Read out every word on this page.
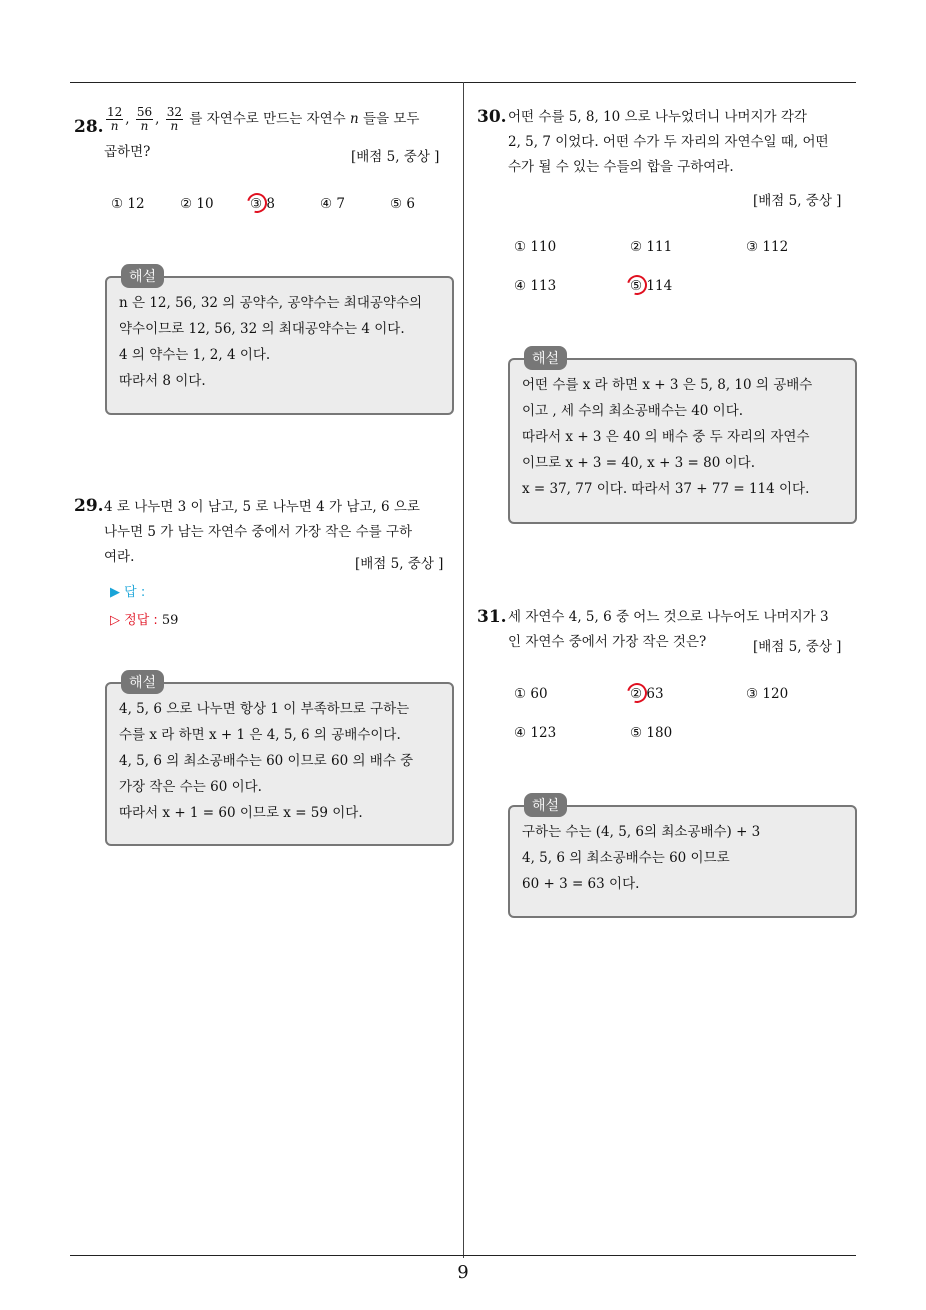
9
28. $\frac{12}{n}$ , $\frac{56}{n}$ , $\frac{32}{n}$ 를 자연수로 만드는 자연수 n 들을 모두
곱하면?	[배점 5, 중상 ]
① 12	② 10	③ 8	④ 7	⑤ 6
해설
n 은 12, 56, 32 의 공약수, 공약수는 최대공약수의
약수이므로 12, 56, 32 의 최대공약수는 4 이다.
4 의 약수는 1, 2, 4 이다.
따라서 8 이다.
29. 4 로 나누면 3 이 남고, 5 로 나누면 4 가 남고, 6 으로
나누면 5 가 남는 자연수 중에서 가장 작은 수를 구하
여라.	[배점 5, 중상 ]
▶ 답 :
▷ 정답 : 59
해설
4, 5, 6 으로 나누면 항상 1 이 부족하므로 구하는
수를 x 라 하면 x + 1 은 4, 5, 6 의 공배수이다.
4, 5, 6 의 최소공배수는 60 이므로 60 의 배수 중
가장 작은 수는 60 이다.
따라서 x + 1 = 60 이므로 x = 59 이다.
30. 어떤 수를 5, 8, 10 으로 나누었더니 나머지가 각각
2, 5, 7 이었다. 어떤 수가 두 자리의 자연수일 때, 어떤
수가 될 수 있는 수들의 합을 구하여라.
[배점 5, 중상 ]
① 110	② 111	③ 112
④ 113	⑤ 114
해설
어떤 수를 x 라 하면 x + 3 은 5, 8, 10 의 공배수
이고 , 세 수의 최소공배수는 40 이다.
따라서 x + 3 은 40 의 배수 중 두 자리의 자연수
이므로 x + 3 = 40, x + 3 = 80 이다.
x = 37, 77 이다. 따라서 37 + 77 = 114 이다.
31. 세 자연수 4, 5, 6 중 어느 것으로 나누어도 나머지가 3
인 자연수 중에서 가장 작은 것은?	[배점 5, 중상 ]
① 60	② 63	③ 120
④ 123	⑤ 180
해설
구하는 수는 (4, 5, 6의 최소공배수) + 3
4, 5, 6 의 최소공배수는 60 이므로
60 + 3 = 63 이다.
